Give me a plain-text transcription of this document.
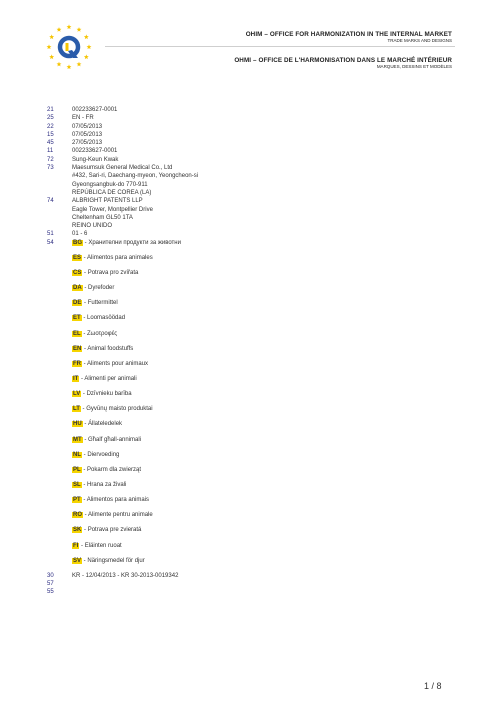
OHIM – OFFICE FOR HARMONIZATION IN THE INTERNAL MARKET
TRADE MARKS AND DESIGNS
OHMI – OFFICE DE L'HARMONISATION DANS LE MARCHÉ INTÉRIEUR
MARQUES, DESSINS ET MODÈLES
21	002233627-0001
25	EN - FR
22	07/05/2013
15	07/05/2013
45	27/05/2013
11	002233627-0001
72	Sung-Keun Kwak
73	Maesumsuk General Medical Co., Ltd
#432, Sari-ri, Daechang-myeon, Yeongcheon-si
Gyeongsangbuk-do 770-911
REPÚBLICA DE COREA (LA)
74	ALBRIGHT PATENTS LLP
Eagle Tower, Montpellier Drive
Cheltenham GL50 1TA
REINO UNIDO
51	01 - 6
54	BG - Хранителни продукти за животни
ES - Alimentos para animales
CS - Potrava pro zvířata
DA - Dyrefoder
DE - Futtermittel
ET - Loomasöödad
EL - Ζωοτροφές
EN - Animal foodstuffs
FR - Aliments pour animaux
IT - Alimenti per animali
LV - Dzīvnieku barība
LT - Gyvūnų maisto produktai
HU - Állateledelek
MT - Għalf għall-annimali
NL - Diervoeding
PL - Pokarm dla zwierząt
SL - Hrana za živali
PT - Alimentos para animais
RO - Alimente pentru animale
SK - Potrava pre zvieratá
FI - Eläinten ruoat
SV - Näringsmedel för djur
30	KR - 12/04/2013 - KR 30-2013-0019342
57

55

1 / 8
